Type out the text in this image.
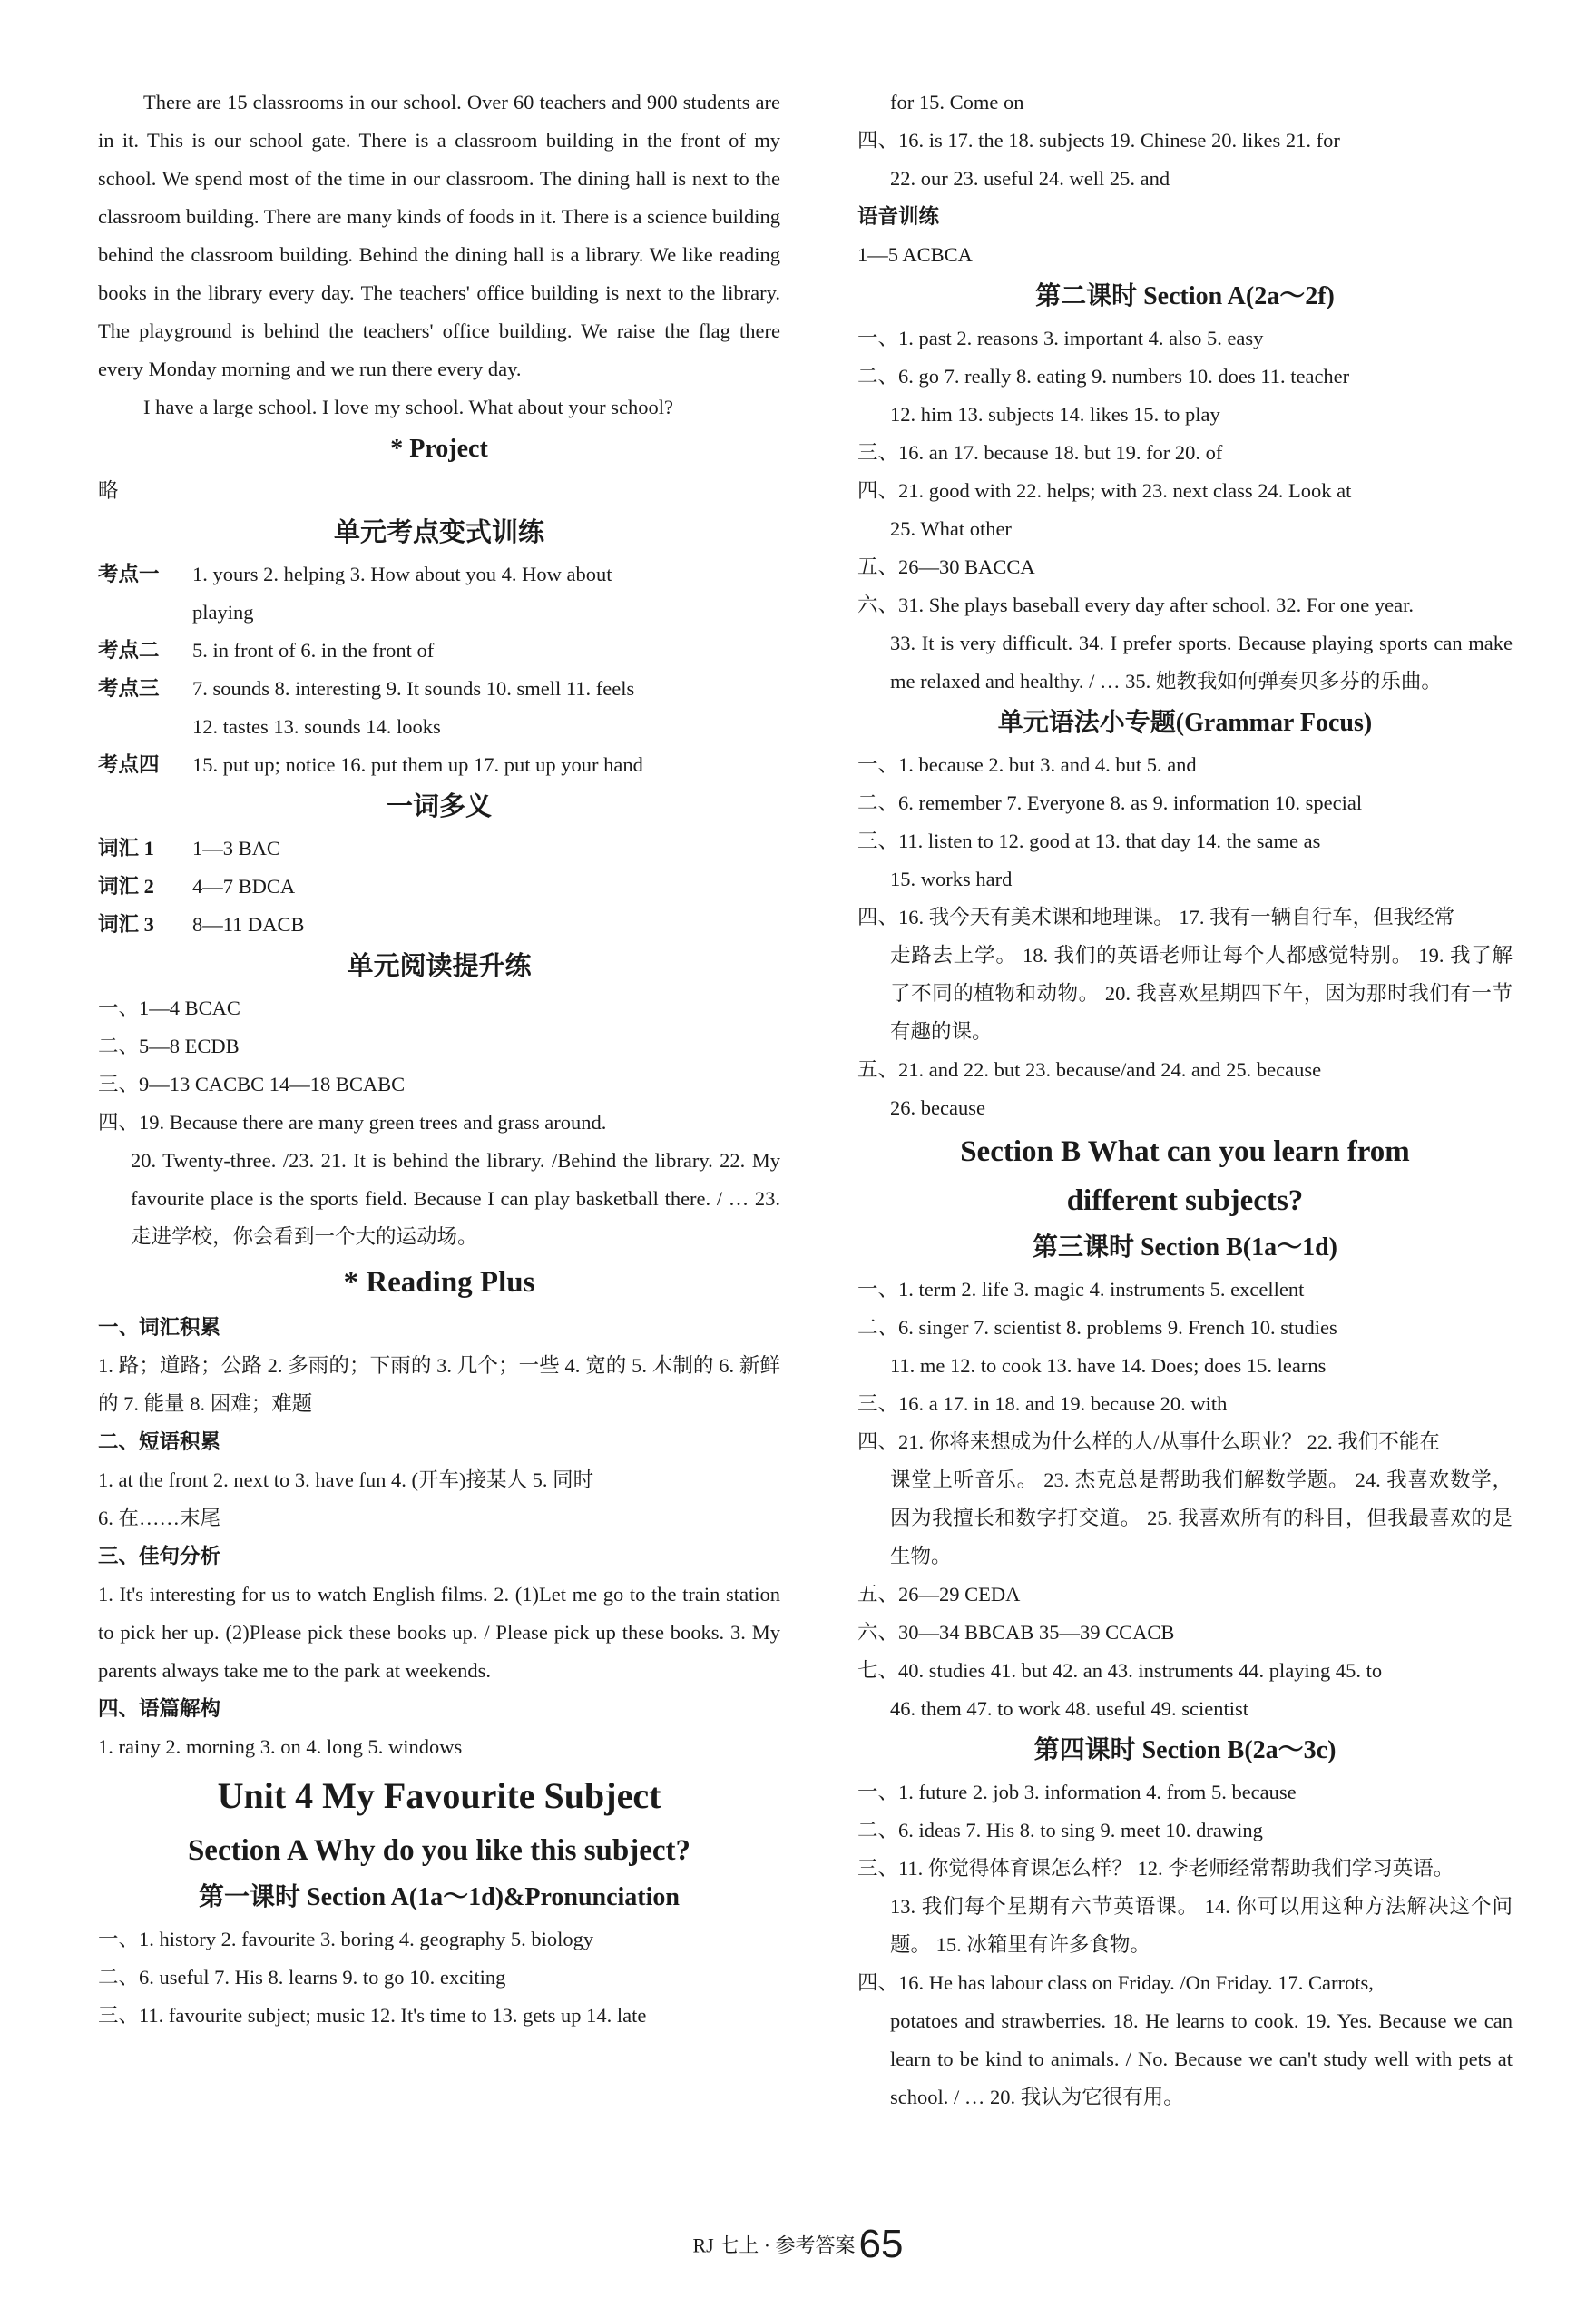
There are 15 classrooms in our school. Over 60 teachers and 900 students are in it. This is our school gate. There is a classroom building in the front of my school. We spend most of the time in our classroom. The dining hall is next to the classroom building. There are many kinds of foods in it. There is a science building behind the classroom building. Behind the dining hall is a library. We like reading books in the library every day. The teachers' office building is next to the library. The playground is behind the teachers' office building. We raise the flag there every Monday morning and we run there every day.

I have a large school. I love my school. What about your school?

* Project

略

单元考点变式训练
考点一	1. yours 2. helping 3. How about you 4. How about
playing
考点二	5. in front of 6. in the front of
考点三	7. sounds 8. interesting 9. It sounds 10. smell 11. feels
12. tastes 13. sounds 14. looks
考点四	15. put up; notice 16. put them up 17. put up your hand
一词多义
词汇 1	1—3 BAC
词汇 2	4—7 BDCA
词汇 3	8—11 DACB
单元阅读提升练

一、1—4 BCAC

二、5—8 ECDB

三、9—13 CACBC 14—18 BCABC

四、19. Because there are many green trees and grass around.

20. Twenty-three. /23. 21. It is behind the library. /Behind the library. 22. My favourite place is the sports field. Because I can play basketball there. / … 23. 走进学校，你会看到一个大的运动场。

* Reading Plus

一、词汇积累

1. 路；道路；公路 2. 多雨的；下雨的 3. 几个；一些 4. 宽的 5. 木制的 6. 新鲜的 7. 能量 8. 困难；难题

二、短语积累

1. at the front 2. next to 3. have fun 4. (开车)接某人 5. 同时

6. 在……末尾

三、佳句分析

1. It's interesting for us to watch English films. 2. (1)Let me go to the train station to pick her up. (2)Please pick these books up. / Please pick up these books. 3. My parents always take me to the park at weekends.

四、语篇解构

1. rainy 2. morning 3. on 4. long 5. windows

Unit 4 My Favourite Subject
Section A Why do you like this subject?
第一课时 Section A(1a～1d)&Pronunciation

一、1. history 2. favourite 3. boring 4. geography 5. biology

二、6. useful 7. His 8. learns 9. to go 10. exciting

三、11. favourite subject; music 12. It's time to 13. gets up 14. late

for 15. Come on

四、16. is 17. the 18. subjects 19. Chinese 20. likes 21. for

22. our 23. useful 24. well 25. and

语音训练

1—5 ACBCA

第二课时 Section A(2a～2f)

一、1. past 2. reasons 3. important 4. also 5. easy

二、6. go 7. really 8. eating 9. numbers 10. does 11. teacher

12. him 13. subjects 14. likes 15. to play

三、16. an 17. because 18. but 19. for 20. of

四、21. good with 22. helps; with 23. next class 24. Look at

25. What other

五、26—30 BACCA

六、31. She plays baseball every day after school. 32. For one year.

33. It is very difficult. 34. I prefer sports. Because playing sports can make me relaxed and healthy. / … 35. 她教我如何弹奏贝多芬的乐曲。

单元语法小专题(Grammar Focus)

一、1. because 2. but 3. and 4. but 5. and

二、6. remember 7. Everyone 8. as 9. information 10. special

三、11. listen to 12. good at 13. that day 14. the same as

15. works hard

四、16. 我今天有美术课和地理课。 17. 我有一辆自行车，但我经常

走路去上学。 18. 我们的英语老师让每个人都感觉特别。 19. 我了解了不同的植物和动物。 20. 我喜欢星期四下午，因为那时我们有一节有趣的课。

五、21. and 22. but 23. because/and 24. and 25. because

26. because

Section B What can you learn from
different subjects?
第三课时 Section B(1a～1d)

一、1. term 2. life 3. magic 4. instruments 5. excellent

二、6. singer 7. scientist 8. problems 9. French 10. studies

11. me 12. to cook 13. have 14. Does; does 15. learns

三、16. a 17. in 18. and 19. because 20. with

四、21. 你将来想成为什么样的人/从事什么职业？ 22. 我们不能在

课堂上听音乐。 23. 杰克总是帮助我们解数学题。 24. 我喜欢数学，因为我擅长和数字打交道。 25. 我喜欢所有的科目，但我最喜欢的是生物。

五、26—29 CEDA

六、30—34 BBCAB 35—39 CCACB

七、40. studies 41. but 42. an 43. instruments 44. playing 45. to

46. them 47. to work 48. useful 49. scientist

第四课时 Section B(2a～3c)

一、1. future 2. job 3. information 4. from 5. because

二、6. ideas 7. His 8. to sing 9. meet 10. drawing

三、11. 你觉得体育课怎么样？ 12. 李老师经常帮助我们学习英语。

13. 我们每个星期有六节英语课。 14. 你可以用这种方法解决这个问题。 15. 冰箱里有许多食物。

四、16. He has labour class on Friday. /On Friday. 17. Carrots,

potatoes and strawberries. 18. He learns to cook. 19. Yes. Because we can learn to be kind to animals. / No. Because we can't study well with pets at school. / … 20. 我认为它很有用。

RJ 七上 · 参考答案 65
